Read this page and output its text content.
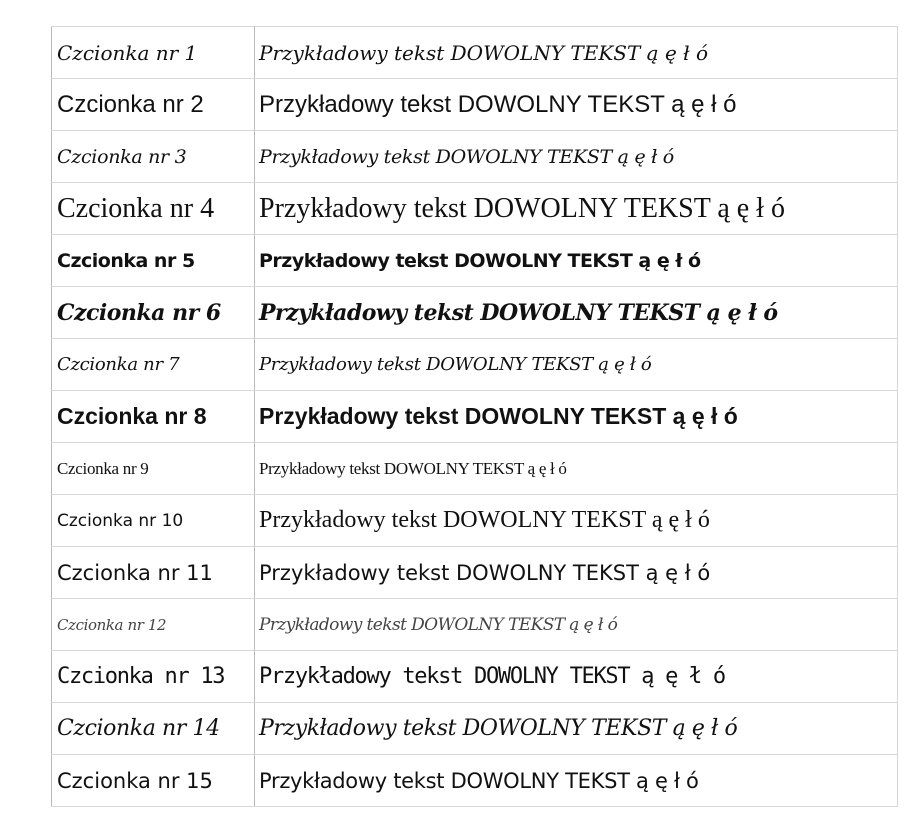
Czcionka nr 1	Przykładowy tekst DOWOLNY TEKST ą ę ł ó
Czcionka nr 2	Przykładowy tekst DOWOLNY TEKST ą ę ł ó
Czcionka nr 3	Przykładowy tekst DOWOLNY TEKST ą ę ł ó
Czcionka nr 4	Przykładowy tekst DOWOLNY TEKST ą ę ł ó
Czcionka nr 5	Przykładowy tekst DOWOLNY TEKST ą ę ł ó
Czcionka nr 6	Przykładowy tekst DOWOLNY TEKST ą ę ł ó
Czcionka nr 7	Przykładowy tekst DOWOLNY TEKST ą ę ł ó
Czcionka nr 8	Przykładowy tekst DOWOLNY TEKST ą ę ł ó
Czcionka nr 9	Przykładowy tekst DOWOLNY TEKST ą ę ł ó
Czcionka nr 10	Przykładowy tekst DOWOLNY TEKST ą ę ł ó
Czcionka nr 11	Przykładowy tekst DOWOLNY TEKST ą ę ł ó
Czcionka nr 12	Przykładowy tekst DOWOLNY TEKST ą ę ł ó
Czcionka nr 13	Przykładowy tekst DOWOLNY TEKST ą ę ł ó
Czcionka nr 14	Przykładowy tekst DOWOLNY TEKST ą ę ł ó
Czcionka nr 15	Przykładowy tekst DOWOLNY TEKST ą ę ł ó
